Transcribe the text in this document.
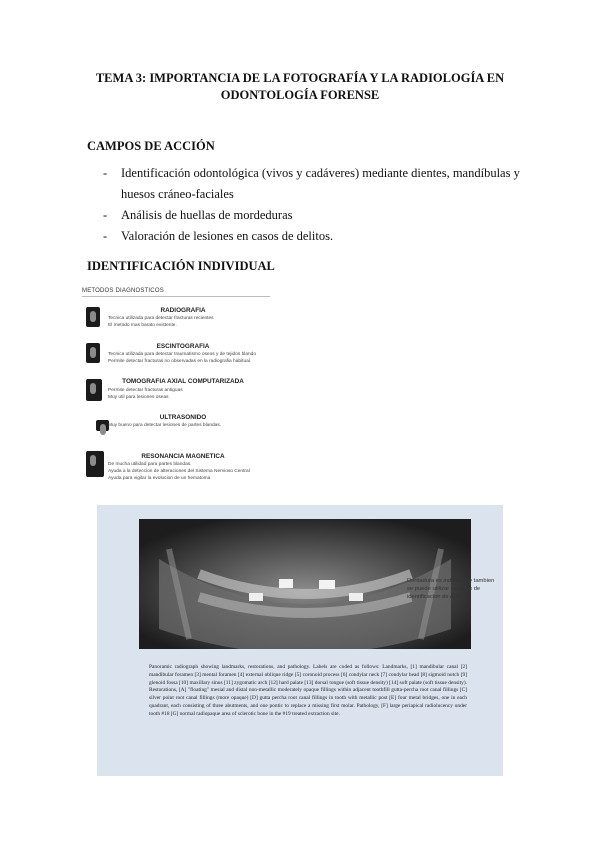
TEMA 3: IMPORTANCIA DE LA FOTOGRAFÍA Y LA RADIOLOGÍA EN ODONTOLOGÍA FORENSE
CAMPOS DE ACCIÓN
- Identificación odontológica (vivos y cadáveres) mediante dientes, mandíbulas y huesos cráneo-faciales
- Análisis de huellas de mordeduras
- Valoración de lesiones en casos de delitos.
IDENTIFICACIÓN INDIVIDUAL
METODOS DIAGNOSTICOS
RADIOGRAFIA
Tecnica utilizada para detectar fracturas recientes
El metodo mas barato existente.
ESCINTOGRAFIA
Tecnica utilizada para detectar traumatismo oseos y de tejidos blando
Permite detectar fracturas no observadas en la radiografia habitual.
TOMOGRAFIA AXIAL COMPUTARIZADA
Permite detectar fracturas antiguas
Muy util para lesiones oseas
ULTRASONIDO
Muy bueno para detectar lesiones de partes blandas.
RESONANCIA MAGNETICA
De mucha utilidad para partes blandas.
Ayuda a la deteccion de alteraciones del Sistema Nervioso Central
Ayuda para vigilar la evolucion de un hematoma
Panoramic radiograph showing landmarks, restorations, and pathology. Labels are coded as follows: Landmarks, [1] mandibular canal [2] mandibular foramen [3] mental foramen [4] external oblique ridge [5] coronoid process [6] condylar neck [7] condylar head [8] sigmoid notch [9] glenoid fossa [10] maxillary sinus [11] zygomatic arch [12] hard palate [13] dorsal tongue (soft tissue density) [14] soft palate (soft tissue density). Restorations, [A] "floating" mesial and distal non-metallic moderately opaque fillings within adjacent toothfill gutta-percha root canal fillings [C] silver point root canal fillings (more opaque) [D] gutta percha root canal fillings in tooth with metallic post [E] four metal bridges, one in each quadrant, each consisting of three abutments, and one pontic to replace a missing first molar. Pathology, [F] large periapical radiolucency under tooth #18 [G] normal radiopaque area of sclerotic bone in the #19 treated extraction site.
Dentadura es individual y tambien se puede utilizar tecnicas de identificacion de ADN
